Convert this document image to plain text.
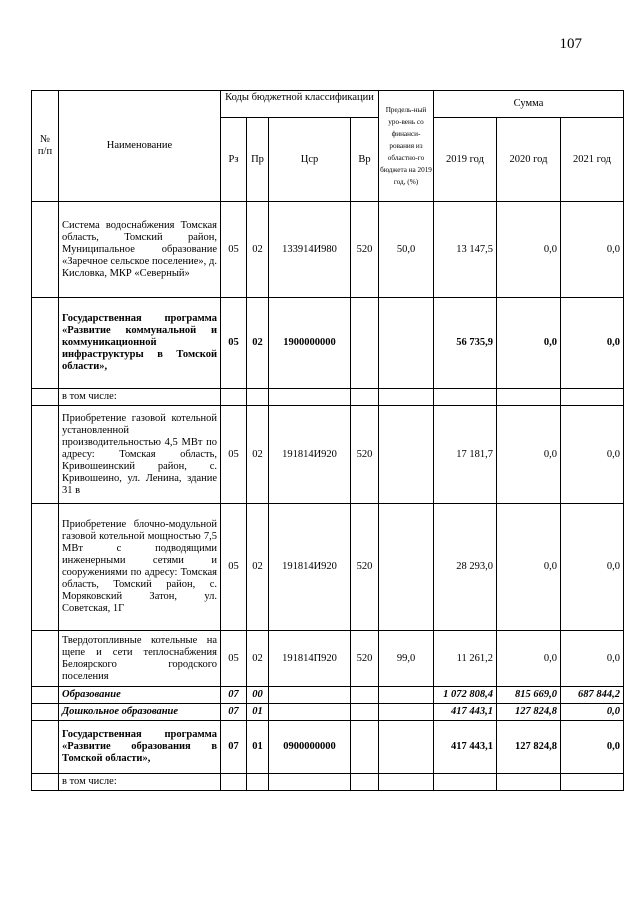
107
№ п/п	Наименование	Коды бюджетной классификации				Предель-ный уро-вень со финанси-рования из областно-го бюджета на 2019 год, (%)	Сумма		
		Рз	Пр	Цср	Вр		2019 год	2020 год	2021 год
	Система водоснабжения Томская область, Томский район, Муниципальное образование «Заречное сельское поселение», д. Кисловка, МКР «Северный»	05	02	133914И980	520	50,0	13 147,5	0,0	0,0
	Государственная программа «Развитие коммунальной и коммуникационной инфраструктуры в Томской области»,	05	02	1900000000			56 735,9	0,0	0,0
	в том числе:								
	Приобретение газовой котельной установленной производительностью 4,5 МВт по адресу: Томская область, Кривошеинский район, с. Кривошеино, ул. Ленина, здание 31 в	05	02	191814И920	520		17 181,7	0,0	0,0
	Приобретение блочно-модульной газовой котельной мощностью 7,5 МВт с подводящими инженерными сетями и сооружениями по адресу: Томская область, Томский район, с. Моряковский Затон, ул. Советская, 1Г	05	02	191814И920	520		28 293,0	0,0	0,0
	Твердотопливные котельные на щепе и сети теплоснабжения Белоярского городского поселения	05	02	191814П920	520	99,0	11 261,2	0,0	0,0
	Образование	07	00				1 072 808,4	815 669,0	687 844,2
	Дошкольное образование	07	01				417 443,1	127 824,8	0,0
	Государственная программа «Развитие образования в Томской области»,	07	01	0900000000			417 443,1	127 824,8	0,0
	в том числе:								
